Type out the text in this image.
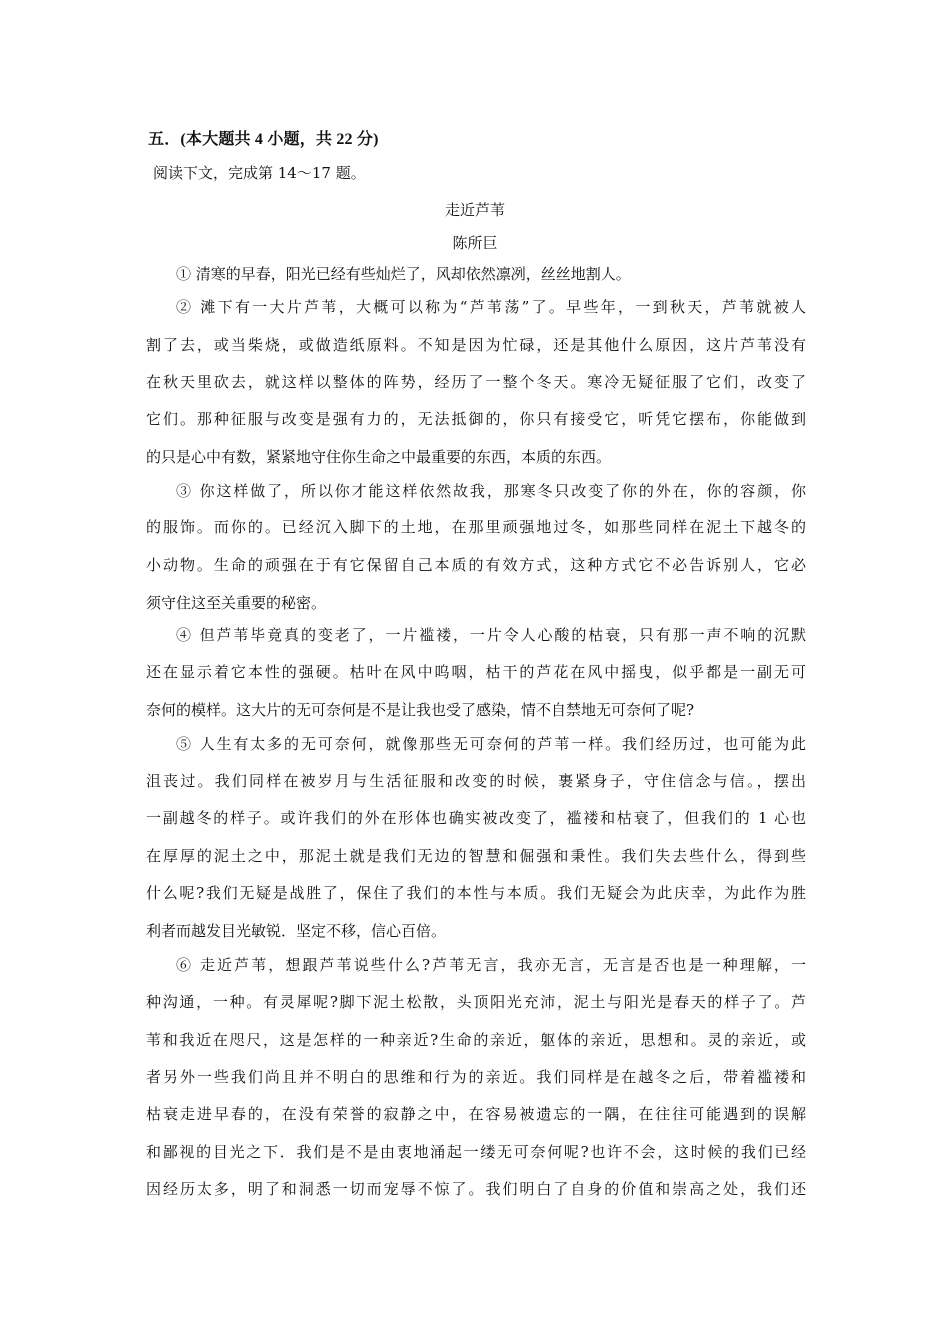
五．(本大题共 4 小题，共 22 分)
阅读下文，完成第 14～17 题。
走近芦苇
陈所巨
① 清寒的早春，阳光已经有些灿烂了，风却依然凛冽，丝丝地割人。
② 滩下有一大片芦苇，大概可以称为“芦苇荡”了。早些年，一到秋天，芦苇就被人
割了去，或当柴烧，或做造纸原料。不知是因为忙碌，还是其他什么原因，这片芦苇没有
在秋天里砍去，就这样以整体的阵势，经历了一整个冬天。寒冷无疑征服了它们，改变了
它们。那种征服与改变是强有力的，无法抵御的，你只有接受它，听凭它摆布，你能做到
的只是心中有数，紧紧地守住你生命之中最重要的东西，本质的东西。
③ 你这样做了，所以你才能这样依然故我，那寒冬只改变了你的外在，你的容颜，你
的服饰。而你的。已经沉入脚下的土地，在那里顽强地过冬，如那些同样在泥土下越冬的
小动物。生命的顽强在于有它保留自己本质的有效方式，这种方式它不必告诉别人，它必
须守住这至关重要的秘密。
④ 但芦苇毕竟真的变老了，一片褴褛，一片令人心酸的枯衰，只有那一声不响的沉默
还在显示着它本性的强硬。枯叶在风中呜咽，枯干的芦花在风中摇曳，似乎都是一副无可
奈何的模样。这大片的无可奈何是不是让我也受了感染，情不自禁地无可奈何了呢?
⑤ 人生有太多的无可奈何，就像那些无可奈何的芦苇一样。我们经历过，也可能为此
沮丧过。我们同样在被岁月与生活征服和改变的时候，裹紧身子，守住信念与信。，摆出
一副越冬的样子。或许我们的外在形体也确实被改变了，褴褛和枯衰了，但我们的 1 心也
在厚厚的泥土之中，那泥土就是我们无边的智慧和倔强和秉性。我们失去些什么，得到些
什么呢?我们无疑是战胜了，保住了我们的本性与本质。我们无疑会为此庆幸，为此作为胜
利者而越发目光敏锐．坚定不移，信心百倍。
⑥ 走近芦苇，想跟芦苇说些什么?芦苇无言，我亦无言，无言是否也是一种理解，一
种沟通，一种。有灵犀呢?脚下泥土松散，头顶阳光充沛，泥土与阳光是春天的样子了。芦
苇和我近在咫尺，这是怎样的一种亲近?生命的亲近，躯体的亲近，思想和。灵的亲近，或
者另外一些我们尚且并不明白的思维和行为的亲近。我们同样是在越冬之后，带着褴褛和
枯衰走进早春的，在没有荣誉的寂静之中，在容易被遗忘的一隅，在往往可能遇到的误解
和鄙视的目光之下．我们是不是由衷地涌起一缕无可奈何呢?也许不会，这时候的我们已经
因经历太多，明了和洞悉一切而宠辱不惊了。我们明白了自身的价值和崇高之处，我们还
